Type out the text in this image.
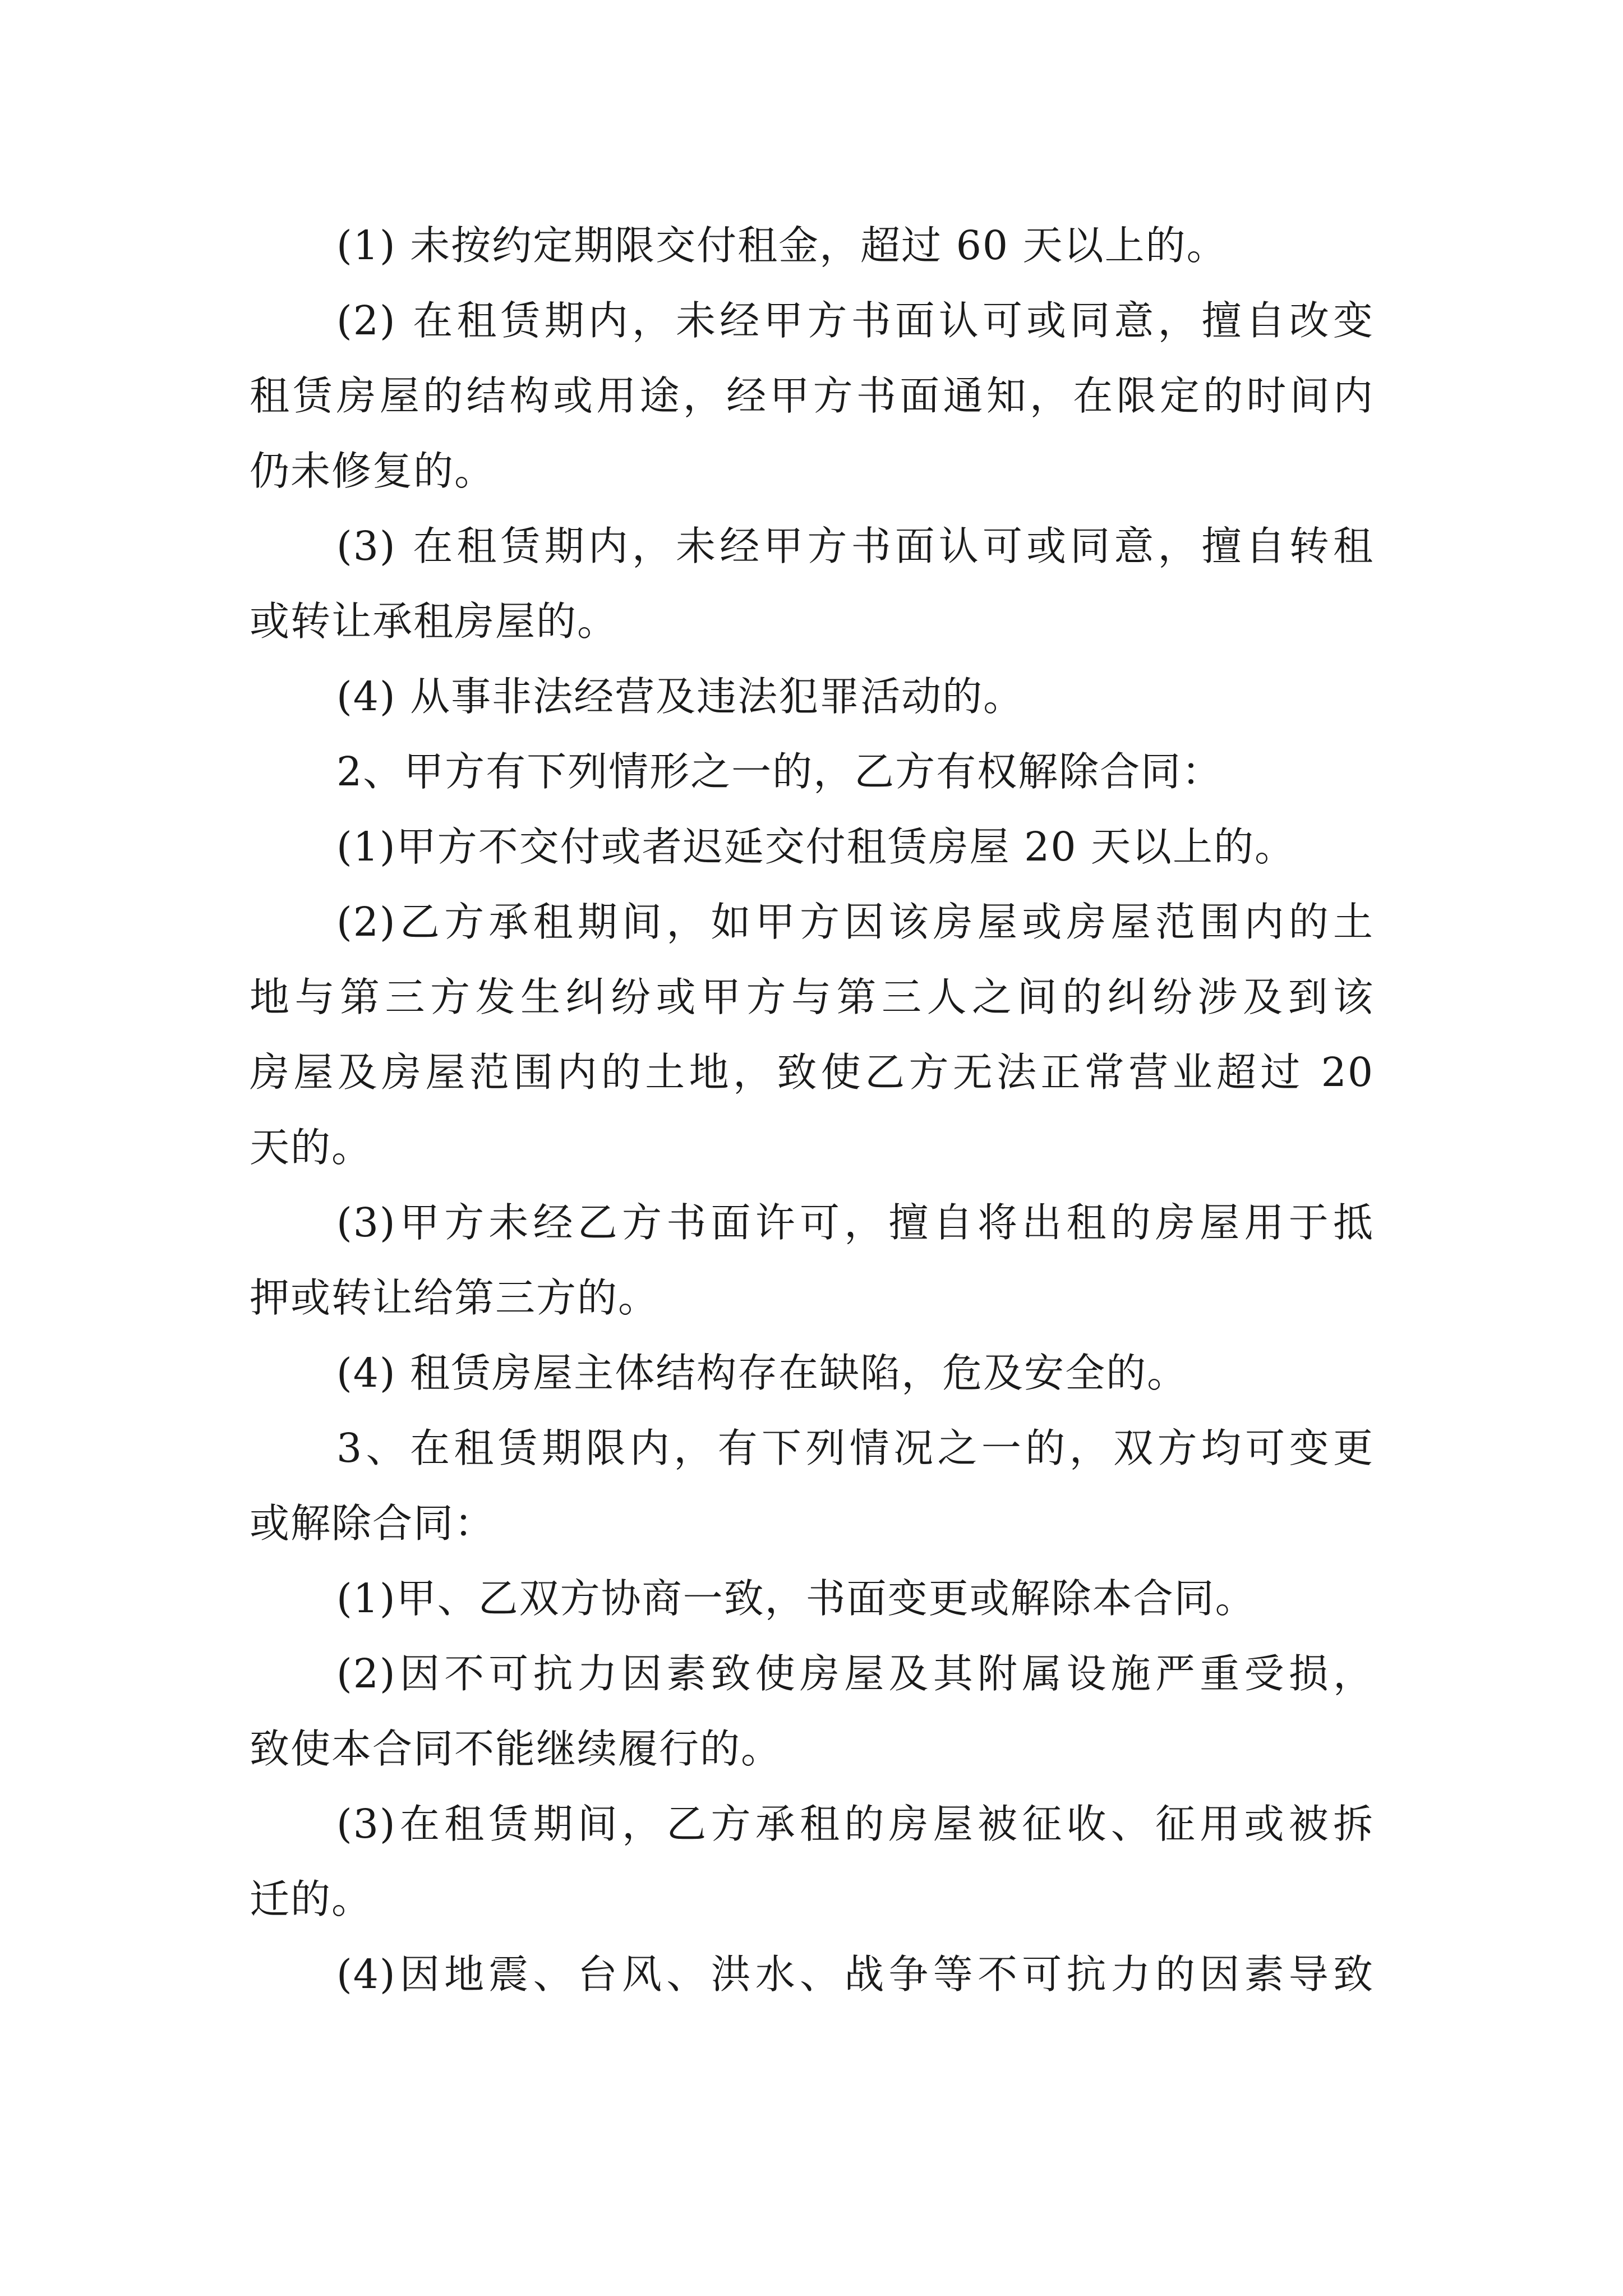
(1) 未按约定期限交付租金，超过 60 天以上的。
(2) 在租赁期内，未经甲方书面认可或同意，擅自改变
租赁房屋的结构或用途，经甲方书面通知，在限定的时间内
仍未修复的。
(3) 在租赁期内，未经甲方书面认可或同意，擅自转租
或转让承租房屋的。
(4) 从事非法经营及违法犯罪活动的。
2、甲方有下列情形之一的，乙方有权解除合同：
(1)甲方不交付或者迟延交付租赁房屋 20 天以上的。
(2)乙方承租期间，如甲方因该房屋或房屋范围内的土
地与第三方发生纠纷或甲方与第三人之间的纠纷涉及到该
房屋及房屋范围内的土地，致使乙方无法正常营业超过 20
天的。
(3)甲方未经乙方书面许可，擅自将出租的房屋用于抵
押或转让给第三方的。
(4) 租赁房屋主体结构存在缺陷，危及安全的。
3、在租赁期限内，有下列情况之一的，双方均可变更
或解除合同：
(1)甲、乙双方协商一致，书面变更或解除本合同。
(2)因不可抗力因素致使房屋及其附属设施严重受损，
致使本合同不能继续履行的。
(3)在租赁期间，乙方承租的房屋被征收、征用或被拆
迁的。
(4)因地震、台风、洪水、战争等不可抗力的因素导致
